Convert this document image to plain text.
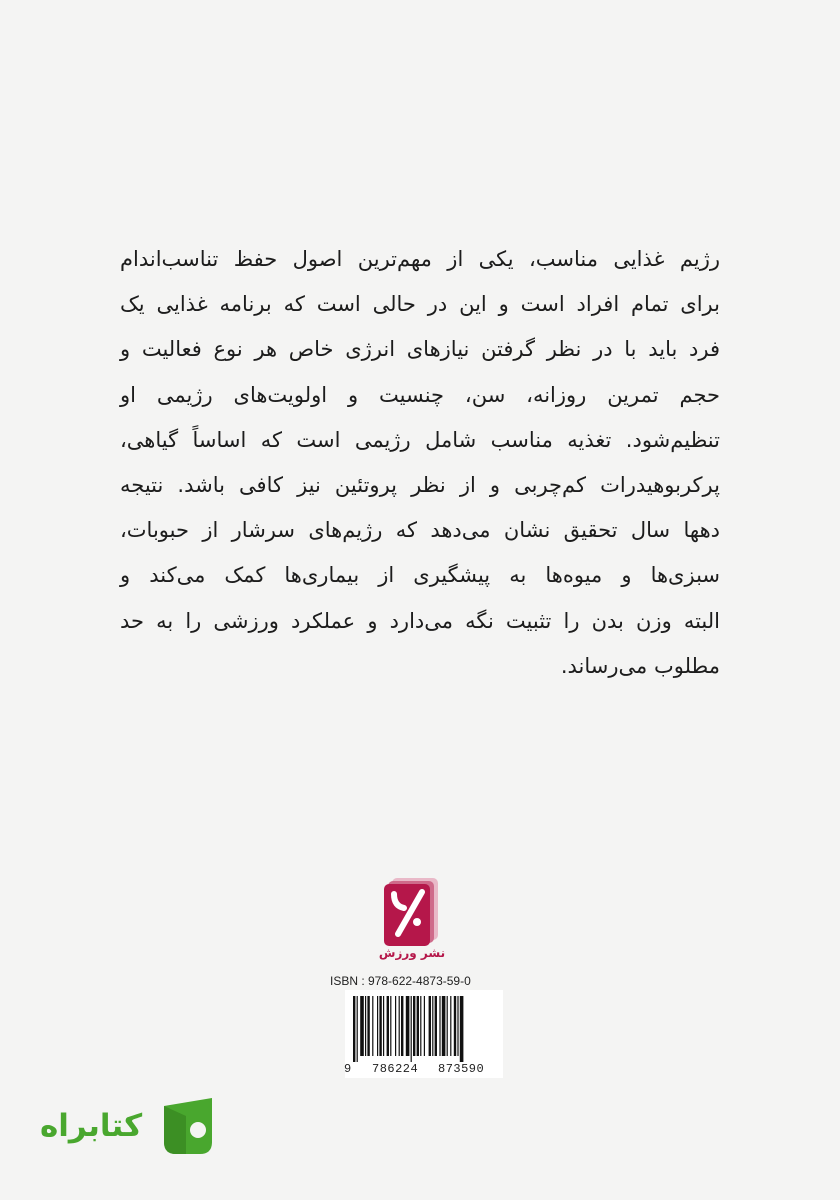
رژیم غذایی مناسب، یکی از مهم‌ترین اصول حفظ تناسب‌اندام
برای تمام افراد است و این در حالی است که برنامه غذایی یک
فرد باید با در نظر گرفتن نیازهای انرژی خاص هر نوع فعالیت و
حجم تمرین روزانه، سن، چنسیت و اولویت‌های رژیمی او
تنظیم‌شود. تغذیه مناسب شامل رژیمی است که اساساً گیاهی،
پرکربوهیدرات کم‌چربی و از نظر پروتئین نیز کافی باشد. نتیجه
دهها سال تحقیق نشان می‌دهد که رژیم‌های سرشار از حبوبات،
سبزی‌ها و میوه‌ها به پیشگیری از بیماری‌ها کمک می‌کند و
البته وزن بدن را تثبیت نگه می‌دارد و عملکرد ورزشی را به حد
مطلوب می‌رساند.
نشر ورزش
ISBN : 978-622-4873-59-0
9 786224 873590
کتابراه
